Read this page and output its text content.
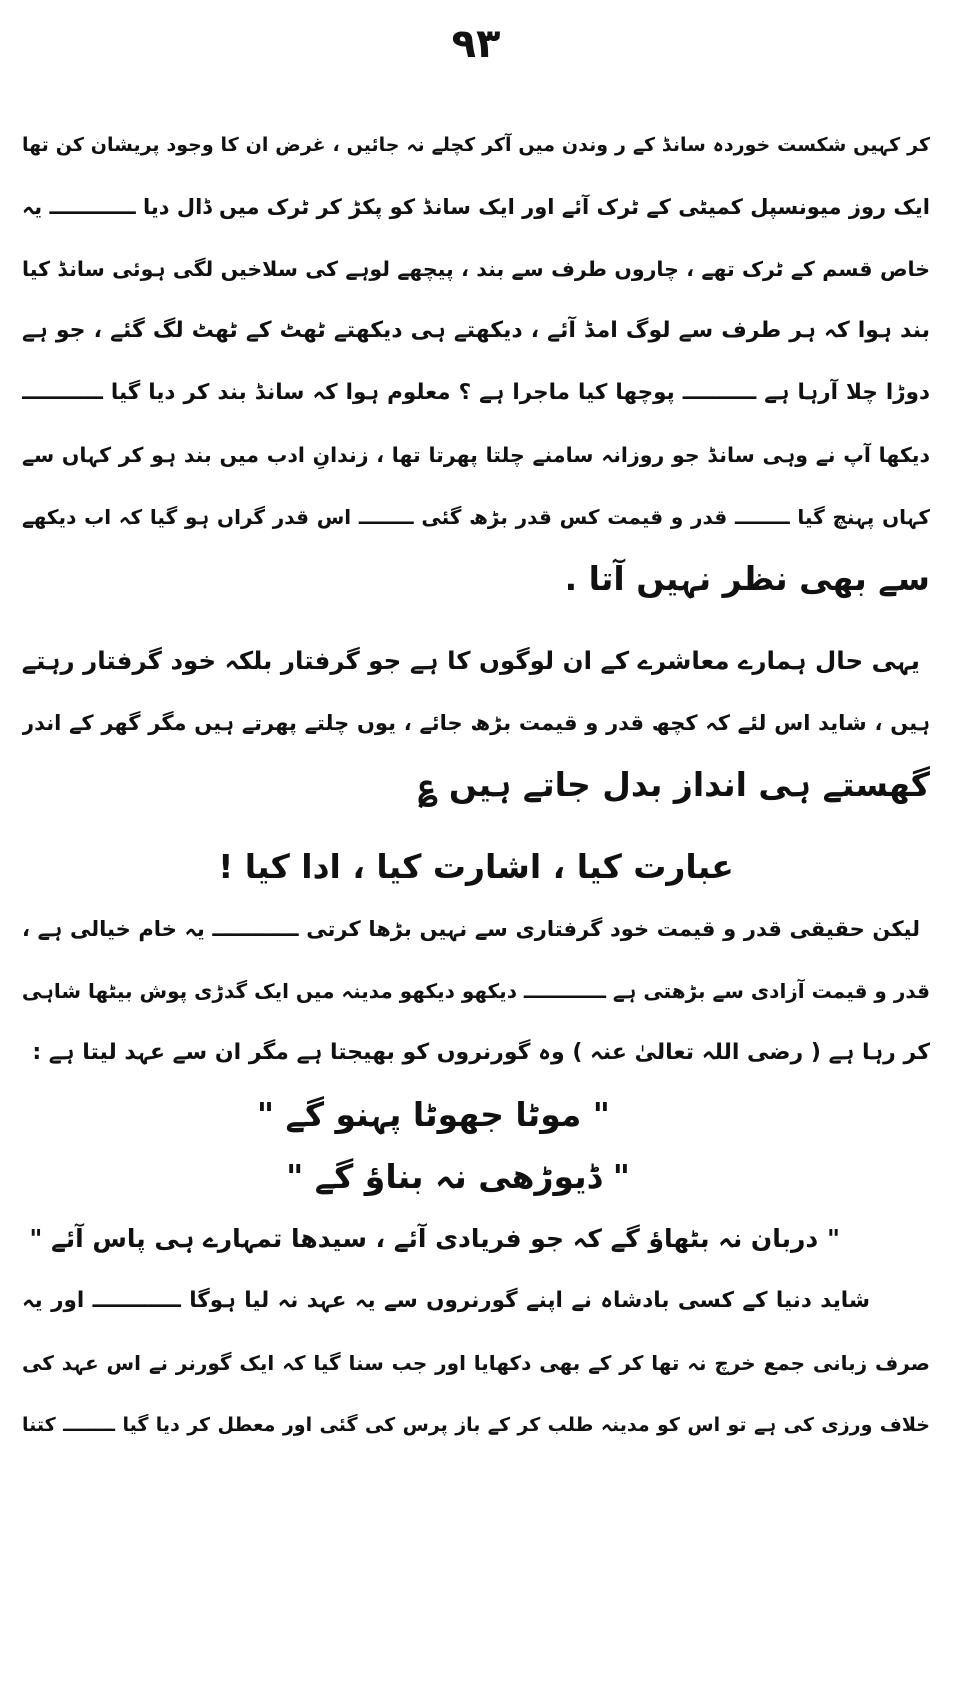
۹۳
کر کہیں شکست خوردہ سانڈ کے ر وندن میں آکر کچلے نہ جائیں ، غرض ان کا وجود پریشان کن تھا
ایک روز میونسپل کمیٹی کے ٹرک آئے اور ایک سانڈ کو پکڑ کر ٹرک میں ڈال دیا ــــــــــــ یہ
خاص قسم کے ٹرک تھے ، چاروں طرف سے بند ، پیچھے لوہے کی سلاخیں لگی ہوئی سانڈ کیا
بند ہوا کہ ہر طرف سے لوگ امڈ آئے ، دیکھتے ہی دیکھتے ٹھٹ کے ٹھٹ لگ گئے ، جو ہے
دوڑا چلا آرہا ہے ــــــــــ پوچھا کیا ماجرا ہے ؟ معلوم ہوا کہ سانڈ بند کر دیا گیا ـــــــــــ
دیکھا آپ نے وہی سانڈ جو روزانہ سامنے چلتا پھرتا تھا ، زندانِ ادب میں بند ہو کر کہاں سے
کہاں پہنچ گیا ــــــــ قدر و قیمت کس قدر بڑھ گئی ــــــــ اس قدر گراں ہو گیا کہ اب دیکھے
سے بھی نظر نہیں آتا .
یہی حال ہمارے معاشرے کے ان لوگوں کا ہے جو گرفتار بلکہ خود گرفتار رہتے
ہیں ، شاید اس لئے کہ کچھ قدر و قیمت بڑھ جائے ، یوں چلتے پھرتے ہیں مگر گھر کے اندر
گھستے ہی انداز بدل جاتے ہیں ؏
عبارت کیا ، اشارت کیا ، ادا کیا !
لیکن حقیقی قدر و قیمت خود گرفتاری سے نہیں بڑھا کرتی ــــــــــــ یہ خام خیالی ہے ،
قدر و قیمت آزادی سے بڑھتی ہے ــــــــــــ دیکھو دیکھو مدینہ میں ایک گدڑی پوش بیٹھا شاہی
کر رہا ہے ( رضی اللہ تعالیٰ عنہ ) وہ گورنروں کو بھیجتا ہے مگر ان سے عہد لیتا ہے :
" موٹا جھوٹا پہنو گے "
" ڈیوڑھی نہ بناؤ گے "
" دربان نہ بٹھاؤ گے کہ جو فریادی آئے ، سیدھا تمہارے ہی پاس آئے "
شاید دنیا کے کسی بادشاہ نے اپنے گورنروں سے یہ عہد نہ لیا ہوگا ــــــــــــ اور یہ
صرف زبانی جمع خرچ نہ تھا کر کے بھی دکھایا اور جب سنا گیا کہ ایک گورنر نے اس عہد کی
خلاف ورزی کی ہے تو اس کو مدینہ طلب کر کے باز پرس کی گئی اور معطل کر دیا گیا ــــــــ کتنا
